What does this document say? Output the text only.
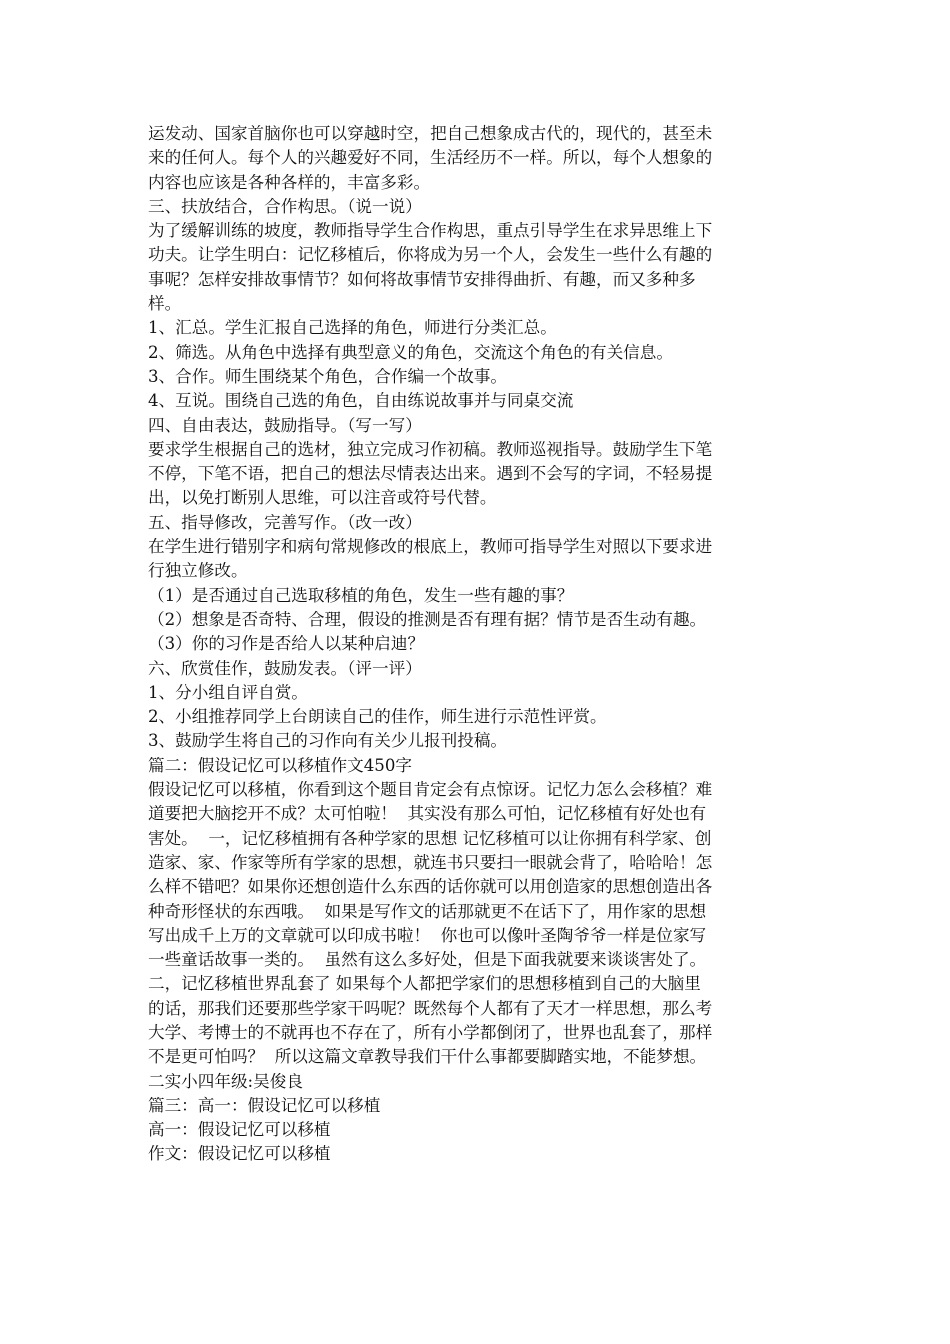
运发动、国家首脑你也可以穿越时空，把自己想象成古代的，现代的，甚至未
来的任何人。每个人的兴趣爱好不同，生活经历不一样。所以，每个人想象的
内容也应该是各种各样的，丰富多彩。
三、扶放结合，合作构思。（说一说）
为了缓解训练的坡度，教师指导学生合作构思，重点引导学生在求异思维上下
功夫。让学生明白：记忆移植后，你将成为另一个人，会发生一些什么有趣的
事呢？怎样安排故事情节？如何将故事情节安排得曲折、有趣，而又多种多
样。
1、汇总。学生汇报自己选择的角色，师进行分类汇总。
2、筛选。从角色中选择有典型意义的角色，交流这个角色的有关信息。
3、合作。师生围绕某个角色，合作编一个故事。
4、互说。围绕自己选的角色，自由练说故事并与同桌交流
四、自由表达，鼓励指导。（写一写）
要求学生根据自己的选材，独立完成习作初稿。教师巡视指导。鼓励学生下笔
不停，下笔不语，把自己的想法尽情表达出来。遇到不会写的字词，不轻易提
出，以免打断别人思维，可以注音或符号代替。
五、指导修改，完善写作。（改一改）
在学生进行错别字和病句常规修改的根底上，教师可指导学生对照以下要求进
行独立修改。
（1）是否通过自己选取移植的角色，发生一些有趣的事？
（2）想象是否奇特、合理，假设的推测是否有理有据？情节是否生动有趣。
（3）你的习作是否给人以某种启迪？
六、欣赏佳作，鼓励发表。（评一评）
1、分小组自评自赏。
2、小组推荐同学上台朗读自己的佳作，师生进行示范性评赏。
3、鼓励学生将自己的习作向有关少儿报刊投稿。
篇二：假设记忆可以移植作文450字
假设记忆可以移植，你看到这个题目肯定会有点惊讶。记忆力怎么会移植？难
道要把大脑挖开不成？太可怕啦！  其实没有那么可怕，记忆移植有好处也有
害处。  一，记忆移植拥有各种学家的思想 记忆移植可以让你拥有科学家、创
造家、家、作家等所有学家的思想，就连书只要扫一眼就会背了，哈哈哈！怎
么样不错吧？如果你还想创造什么东西的话你就可以用创造家的思想创造出各
种奇形怪状的东西哦。  如果是写作文的话那就更不在话下了，用作家的思想
写出成千上万的文章就可以印成书啦！  你也可以像叶圣陶爷爷一样是位家写
一些童话故事一类的。  虽然有这么多好处，但是下面我就要来谈谈害处了。
二，记忆移植世界乱套了 如果每个人都把学家们的思想移植到自己的大脑里
的话，那我们还要那些学家干吗呢？既然每个人都有了天才一样思想，那么考
大学、考博士的不就再也不存在了，所有小学都倒闭了，世界也乱套了，那样
不是更可怕吗？  所以这篇文章教导我们干什么事都要脚踏实地，不能梦想。
二实小四年级:吴俊良
篇三：高一：假设记忆可以移植
高一：假设记忆可以移植
作文：假设记忆可以移植
